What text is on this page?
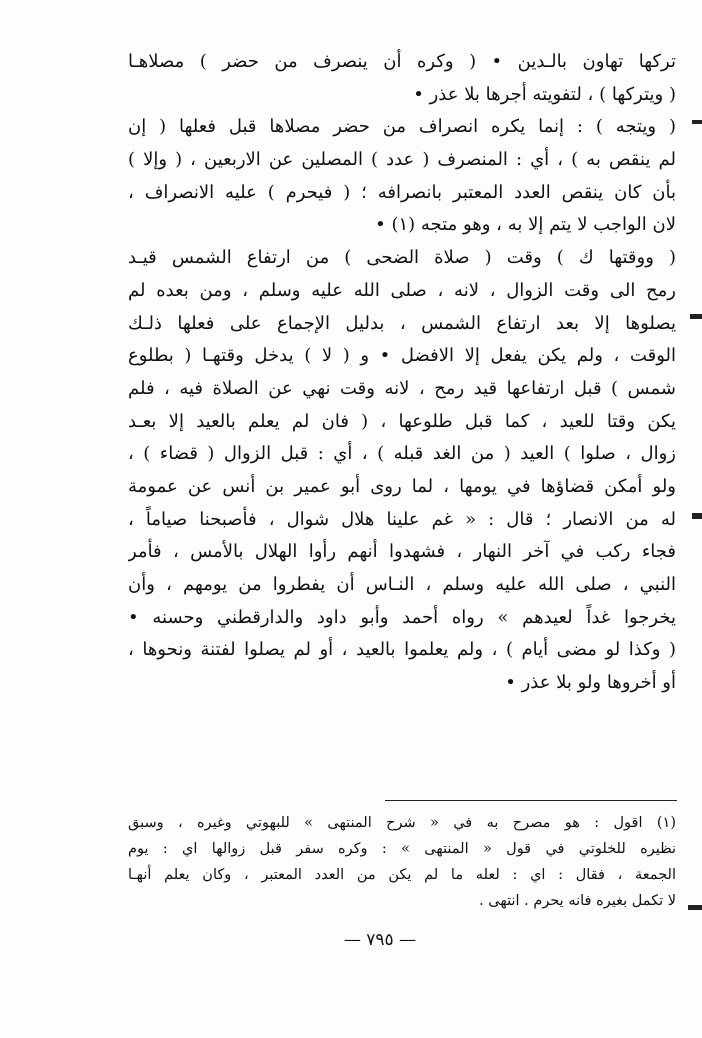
تركها تهاون بالـدين • ( وكره أن ينصرف من حضر ) مصلاهـا
( ويتركها ) ، لتفويته أجرها بلا عذر •
( ويتجه ) : إنما يكره انصراف من حضر مصلاها قبل فعلها ( إن
لم ينقص به ) ، أي : المنصرف ( عدد ) المصلين عن الاربعين ، ( وإلا )
بأن كان ينقص العدد المعتبر بانصرافه ؛ ( فيحرم ) عليه الانصراف ،
لان الواجب لا يتم إلا به ، وهو متجه (١) •
( ووقتها ك ) وقت ( صلاة الضحى ) من ارتفاع الشمس قيـد
رمح الى وقت الزوال ، لانه ، صلى الله عليه وسلم ، ومن بعده لم
يصلوها إلا بعد ارتفاع الشمس ، بدليل الإجماع على فعلها ذلـك
الوقت ، ولم يكن يفعل إلا الافضل • و ( لا ) يدخل وقتهـا ( بطلوع
شمس ) قبل ارتفاعها قيد رمح ، لانه وقت نهي عن الصلاة فيه ، فلم
يكن وقتا للعيد ، كما قبل طلوعها ، ( فان لم يعلم بالعيد إلا بعـد
زوال ، صلوا ) العيد ( من الغد قبله ) ، أي : قبل الزوال ( قضاء ) ،
ولو أمكن قضاؤها في يومها ، لما روى أبو عمير بن أنس عن عمومة
له من الانصار ؛ قال : « غم علينا هلال شوال ، فأصبحنا صياماً ،
فجاء ركب في آخر النهار ، فشهدوا أنهم رأوا الهلال بالأمس ، فأمر
النبي ، صلى الله عليه وسلم ، النـاس أن يفطروا من يومهم ، وأن
يخرجوا غداً لعيدهم » رواه أحمد وأبو داود والدارقطني وحسنه •
( وكذا لو مضى أيام ) ، ولم يعلموا بالعيد ، أو لم يصلوا لفتنة ونحوها ،
أو أخروها ولو بلا عذر •
(١) اقول : هو مصرح به في « شرح المنتهى » للبهوتي وغيره ، وسبق
نظيره للخلوتي في قول « المنتهى » : وكره سفر قبل زوالها اي : يوم
الجمعة ، فقال : اي : لعله ما لم يكن من العدد المعتبر ، وكان يعلم أنهـا
لا تكمل بغيره فانه يحرم . انتهى .
— ٧٩٥ —
